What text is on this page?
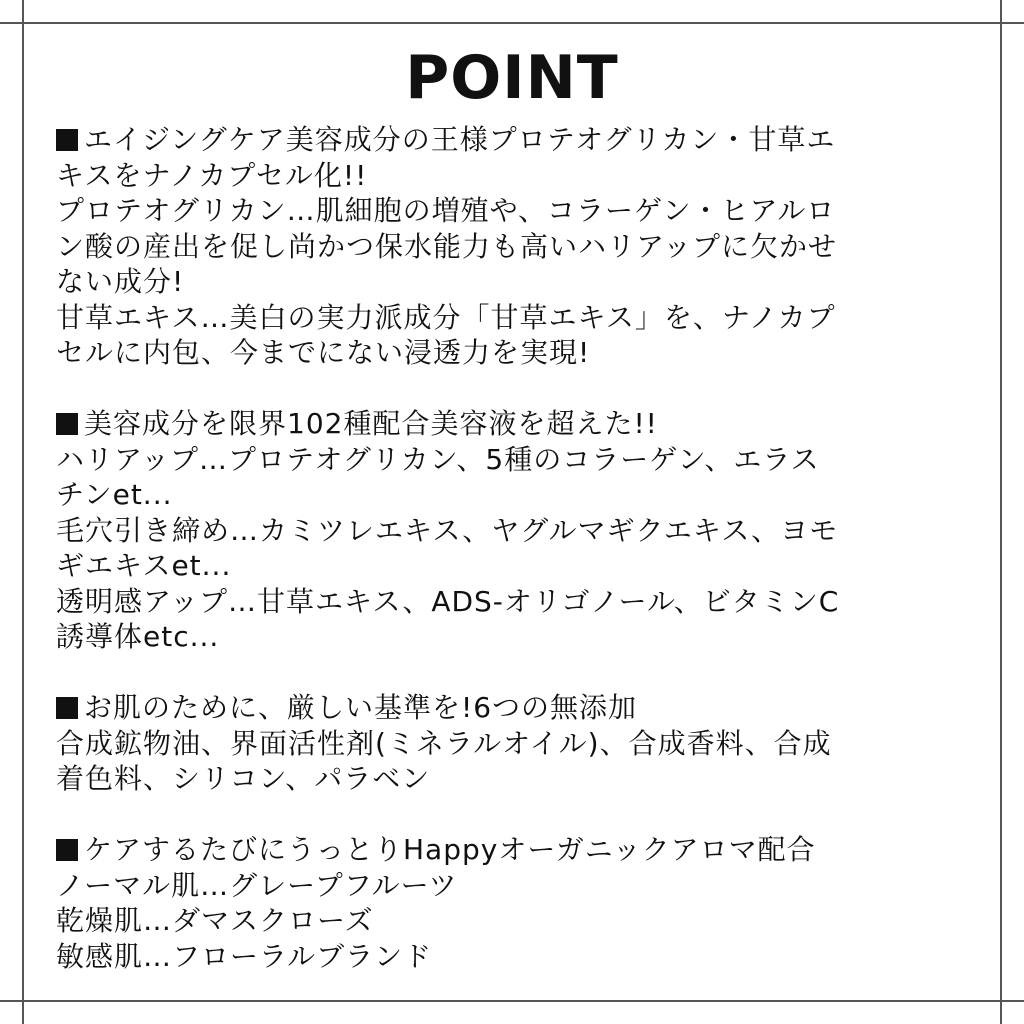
POINT
エイジングケア美容成分の王様プロテオグリカン・甘草エ
キスをナノカプセル化!!
プロテオグリカン…肌細胞の増殖や、コラーゲン・ヒアルロ
ン酸の産出を促し尚かつ保水能力も高いハリアップに欠かせ
ない成分!
甘草エキス…美白の実力派成分「甘草エキス」を、ナノカプ
セルに内包、今までにない浸透力を実現!
美容成分を限界102種配合美容液を超えた!!
ハリアップ…プロテオグリカン、5種のコラーゲン、エラス
チンet...
毛穴引き締め…カミツレエキス、ヤグルマギクエキス、ヨモ
ギエキスet...
透明感アップ…甘草エキス、ADS-オリゴノール、ビタミンC
誘導体etc...
お肌のために、厳しい基準を!6つの無添加
合成鉱物油、界面活性剤(ミネラルオイル)、合成香料、合成
着色料、シリコン、パラベン
ケアするたびにうっとりHappyオーガニックアロマ配合
ノーマル肌…グレープフルーツ
乾燥肌…ダマスクローズ
敏感肌…フローラルブランド
